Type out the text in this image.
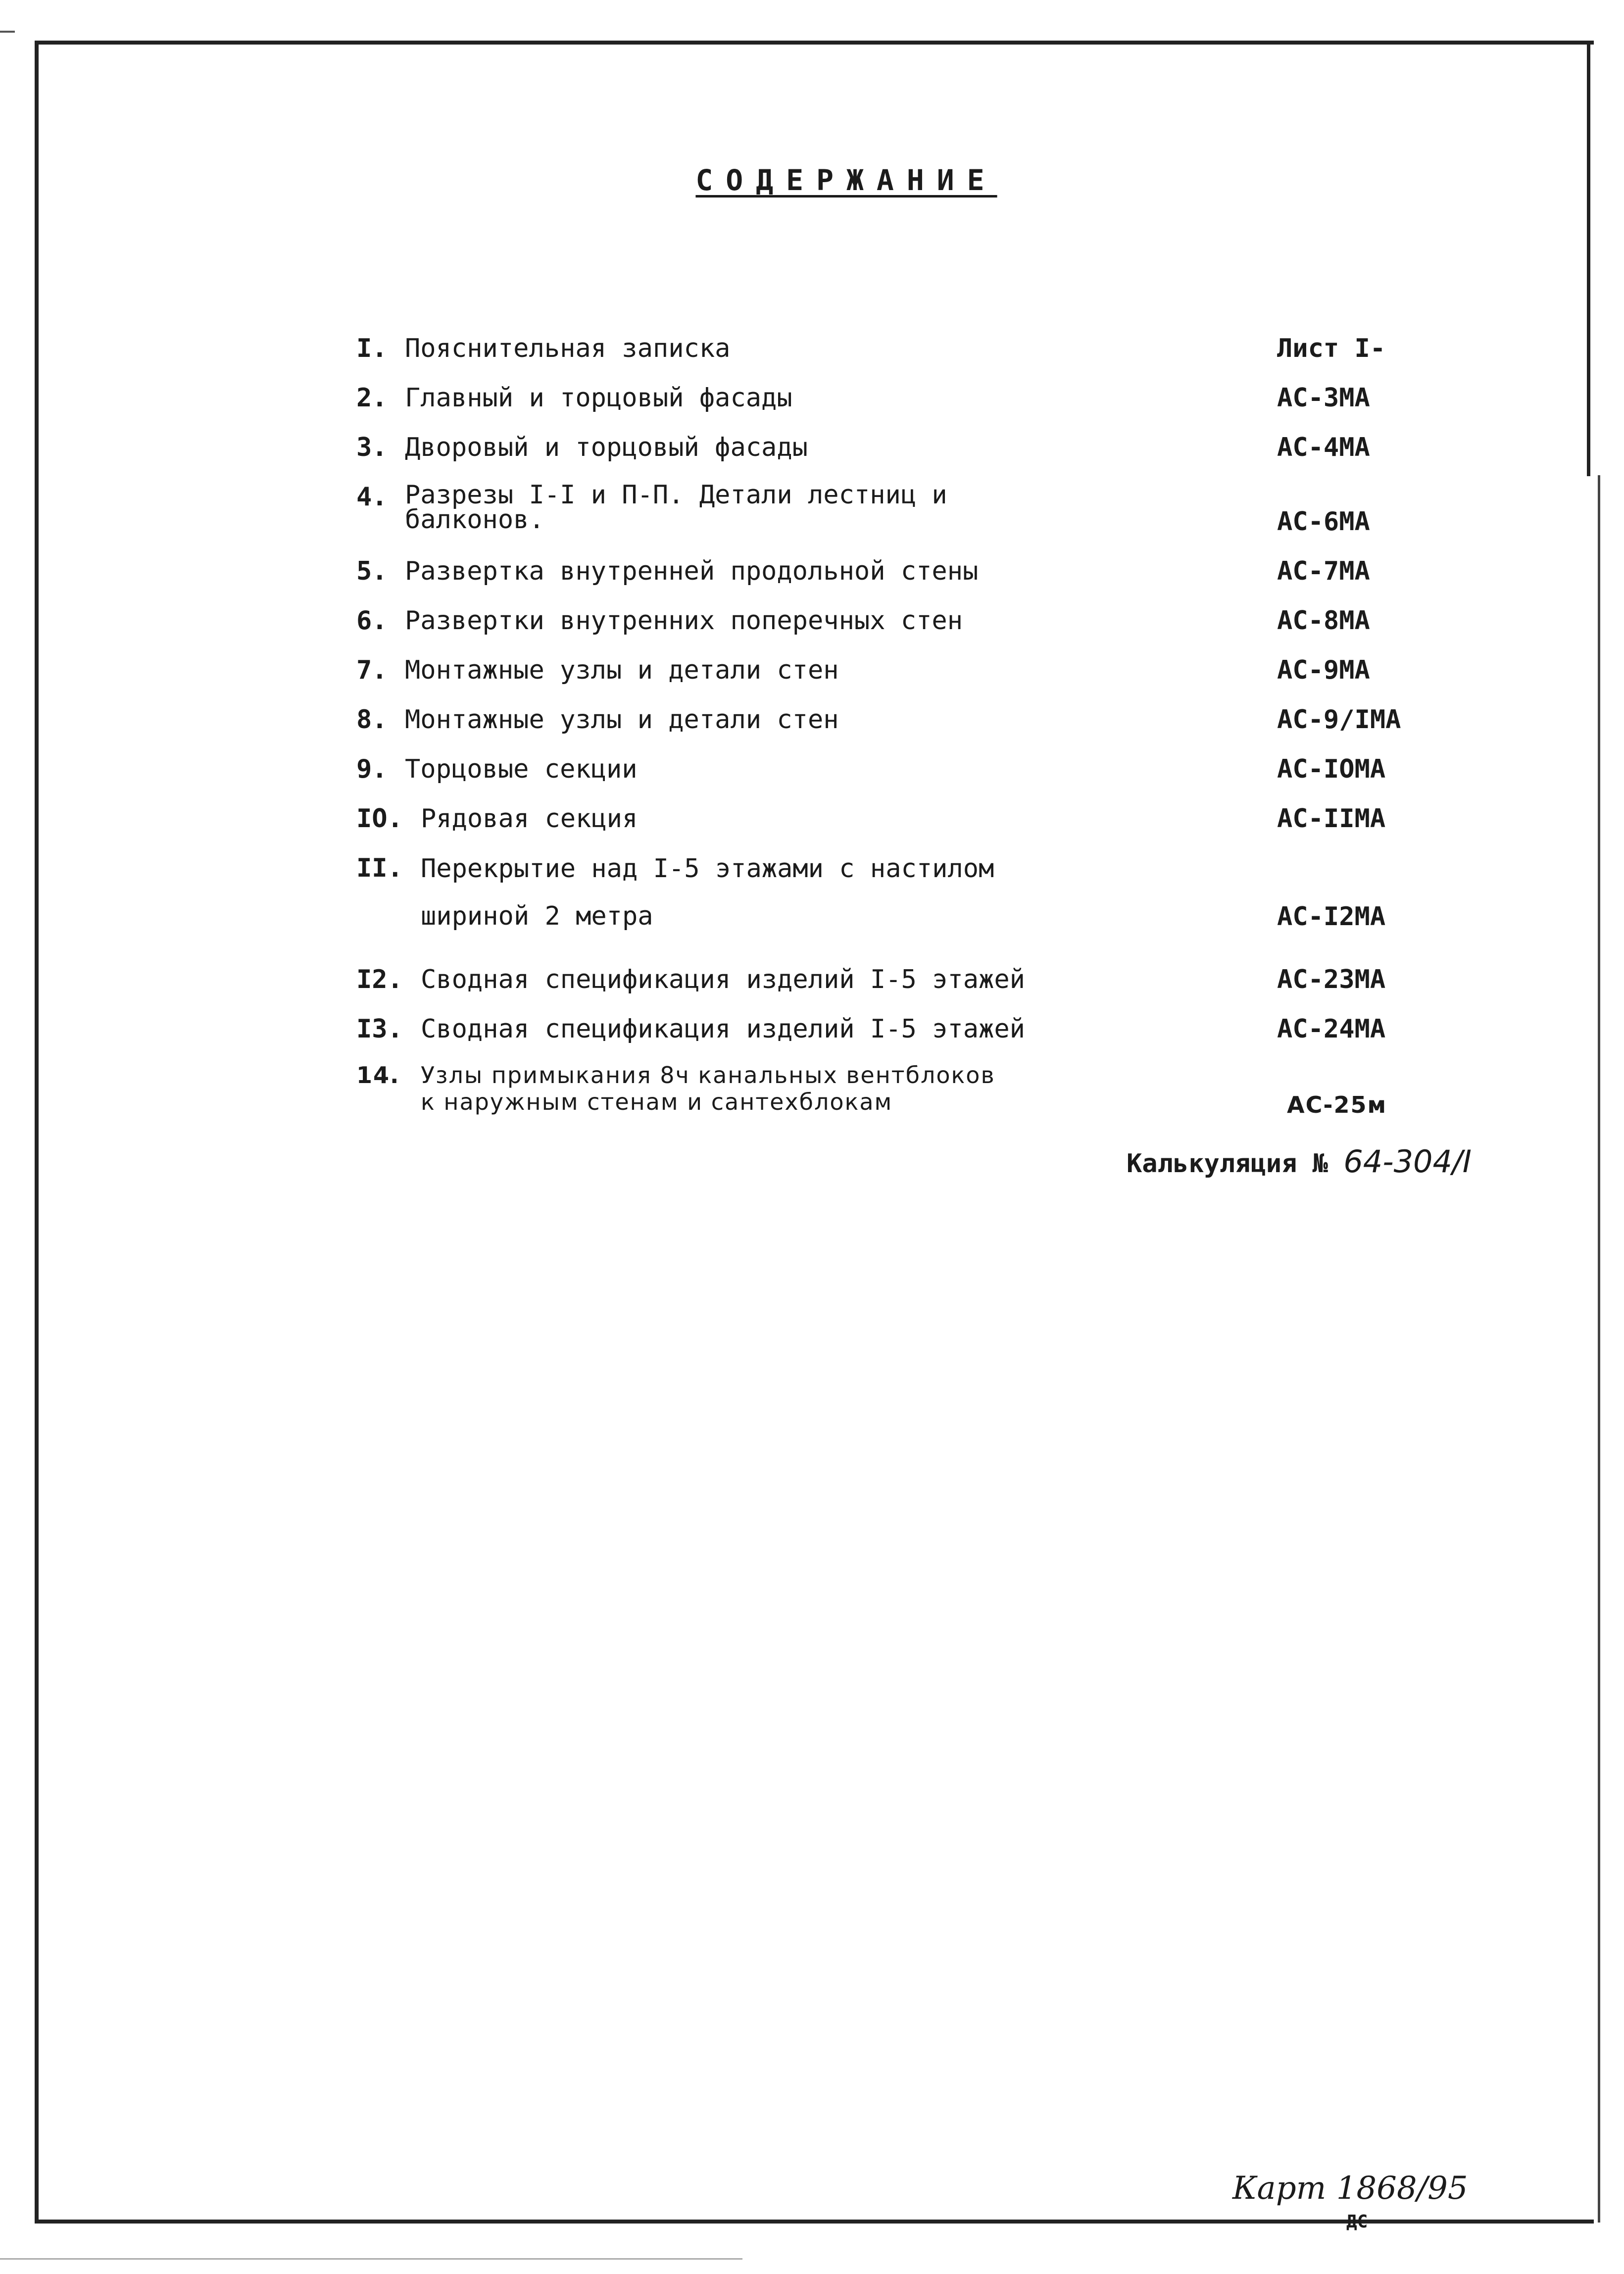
СОДЕРЖАНИЕ
I. Пояснительная записка	Лист I-
2. Главный и торцовый фасады	АС-3МА
3. Дворовый и торцовый фасады	АС-4МА
4. Разрезы I-I и П-П. Детали лестниц и
балконов.	АС-6МА
5. Развертка внутренней продольной стены	АС-7МА
6. Развертки внутренних поперечных стен	АС-8МА
7. Монтажные узлы и детали стен	АС-9МА
8. Монтажные узлы и детали стен	АС-9/IМА
9. Торцовые секции	АС-IОМА
IO. Рядовая секция	АС-IIМА
II. Перекрытие над I-5 этажами с настилом
шириной 2 метра	АС-I2МА
I2. Сводная спецификация изделий I-5 этажей	АС-23МА
I3. Сводная спецификация изделий I-5 этажей	АС-24МА
14. Узлы примыкания 8ч канальных вентблоков
к наружным стенам и сантехблокам	АС-25м
Калькуляция № 64-304/I
Карт 1868/95
ДС
